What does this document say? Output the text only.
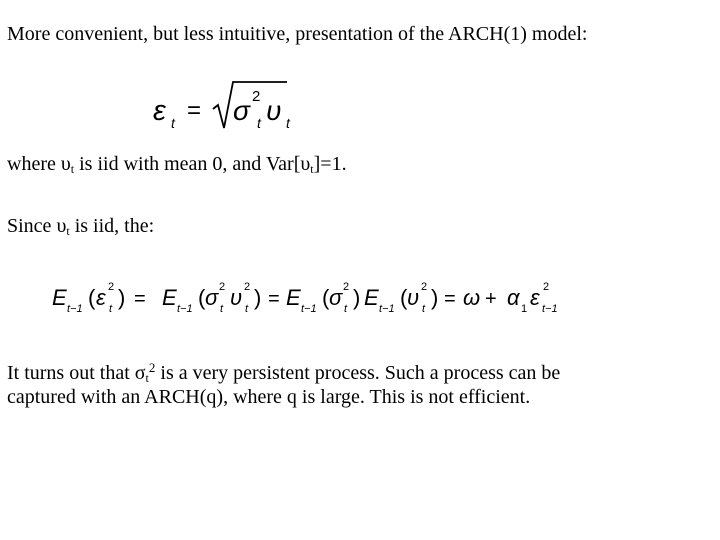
More convenient, but less intuitive, presentation of the ARCH(1) model:
ε t = σ 2
t υ t
where $\upsilon_t$ is iid with mean 0, and $Var[\upsilon_t]=1$.
Since $\upsilon_t$ is iid, the:
E t−1 ( ε 2
t ) = E t−1 ( σ 2
t υ 2
t ) = E t−1 ( σ 2
t ) E t−1 ( υ 2
t ) = ω + α 1 ε 2
t−1
It turns out that $\sigma_t^2$ is a very persistent process. Such a process can be
captured with an ARCH(q), where q is large. This is not efficient.
